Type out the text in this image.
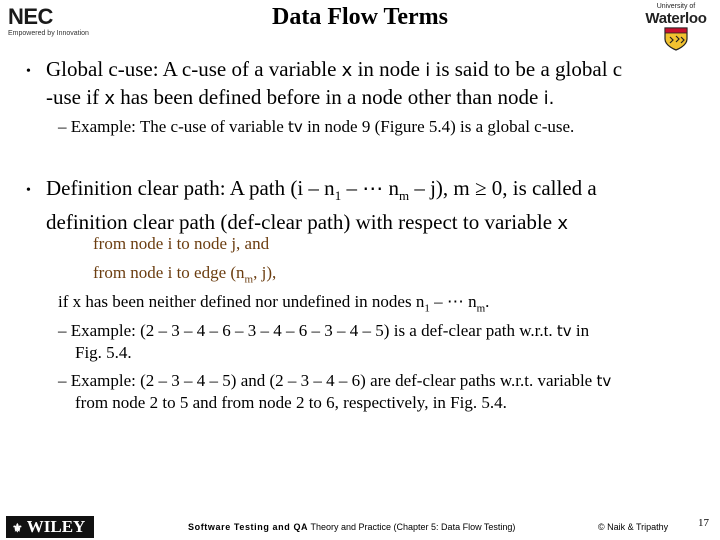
NEC
Empowered by Innovation
Data Flow Terms	University of
Waterloo
• Global c-use: A c-use of a variable x in node i is said to be a global c
-use if x has been defined before in a node other than node i.
– Example: The c-use of variable tv in node 9 (Figure 5.4) is a global c-use.
• Definition clear path: A path ($i - n_1$ – ⋯ $n_m - j$), m ≥ 0, is called a
definition clear path (def-clear path) with respect to variable x
from node i to node j, and
from node i to edge ($n_m$, j),
if x has been neither defined nor undefined in nodes $n_1$ – ⋯ $n_m$.
– Example: (2 – 3 – 4 – 6 – 3 – 4 – 6 – 3 – 4 – 5) is a def-clear path w.r.t. tv in
Fig. 5.4.
– Example: (2 – 3 – 4 – 5) and (2 – 3 – 4 – 6) are def-clear paths w.r.t. variable tv
from node 2 to 5 and from node 2 to 6, respectively, in Fig. 5.4.
⚜ WILEY	Software Testing and QA Theory and Practice (Chapter 5: Data Flow Testing)	© Naik & Tripathy	17
